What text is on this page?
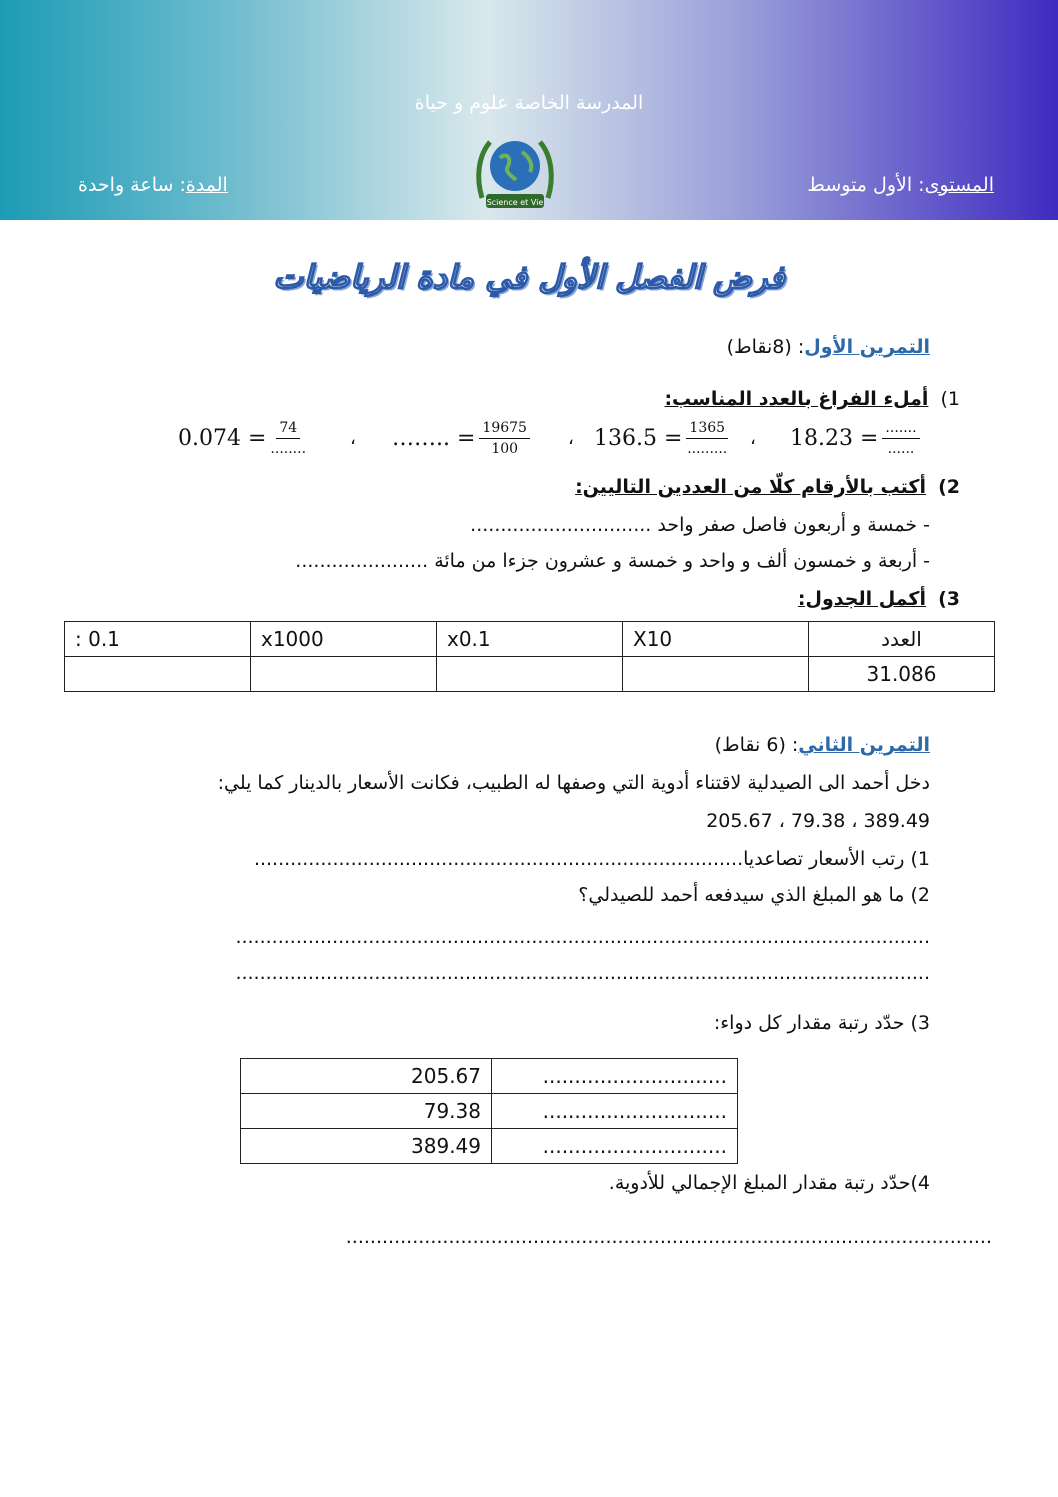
المدرسة الخاصة علوم و حياة
المستوى: الأول متوسط
المدة: ساعة واحدة
Science et Vie
فرض الفصل الأول في مادة الرياضيات
التمرين الأول: (8نقاط)
1)  أملء الفراغ بالعدد المناسب:
$0.074 = \frac{74}{........}$ ، …….. = $\frac{19675}{100}$ ، $136.5 = \frac{1365}{.........}$ ، $18.23 = \frac{.......}{......}$
2)  أكتب بالأرقام كلّا من العددين التاليين:
- خمسة و أربعون فاصل صفر واحد ..............................
- أربعة و خمسون ألف و واحد و خمسة و عشرون جزءا من مائة ......................
3)  أكمل الجدول:
: 0.1	x1000	x0.1	X10	العدد
				31.086
التمرين الثاني: (6 نقاط)
دخل أحمد الى الصيدلية لاقتناء أدوية التي وصفها له الطبيب، فكانت الأسعار بالدينار كما يلي:
205.67 ، 79.38 ، 389.49
1) رتب الأسعار تصاعديا.................................................................................
2) ما هو المبلغ الذي سيدفعه أحمد للصيدلي؟
...................................................................................................................
...................................................................................................................
3) حدّد رتبة مقدار كل دواء:
205.67	.............................
79.38	.............................
389.49	.............................
4)حدّد رتبة مقدار المبلغ الإجمالي للأدوية.
...........................................................................................................
